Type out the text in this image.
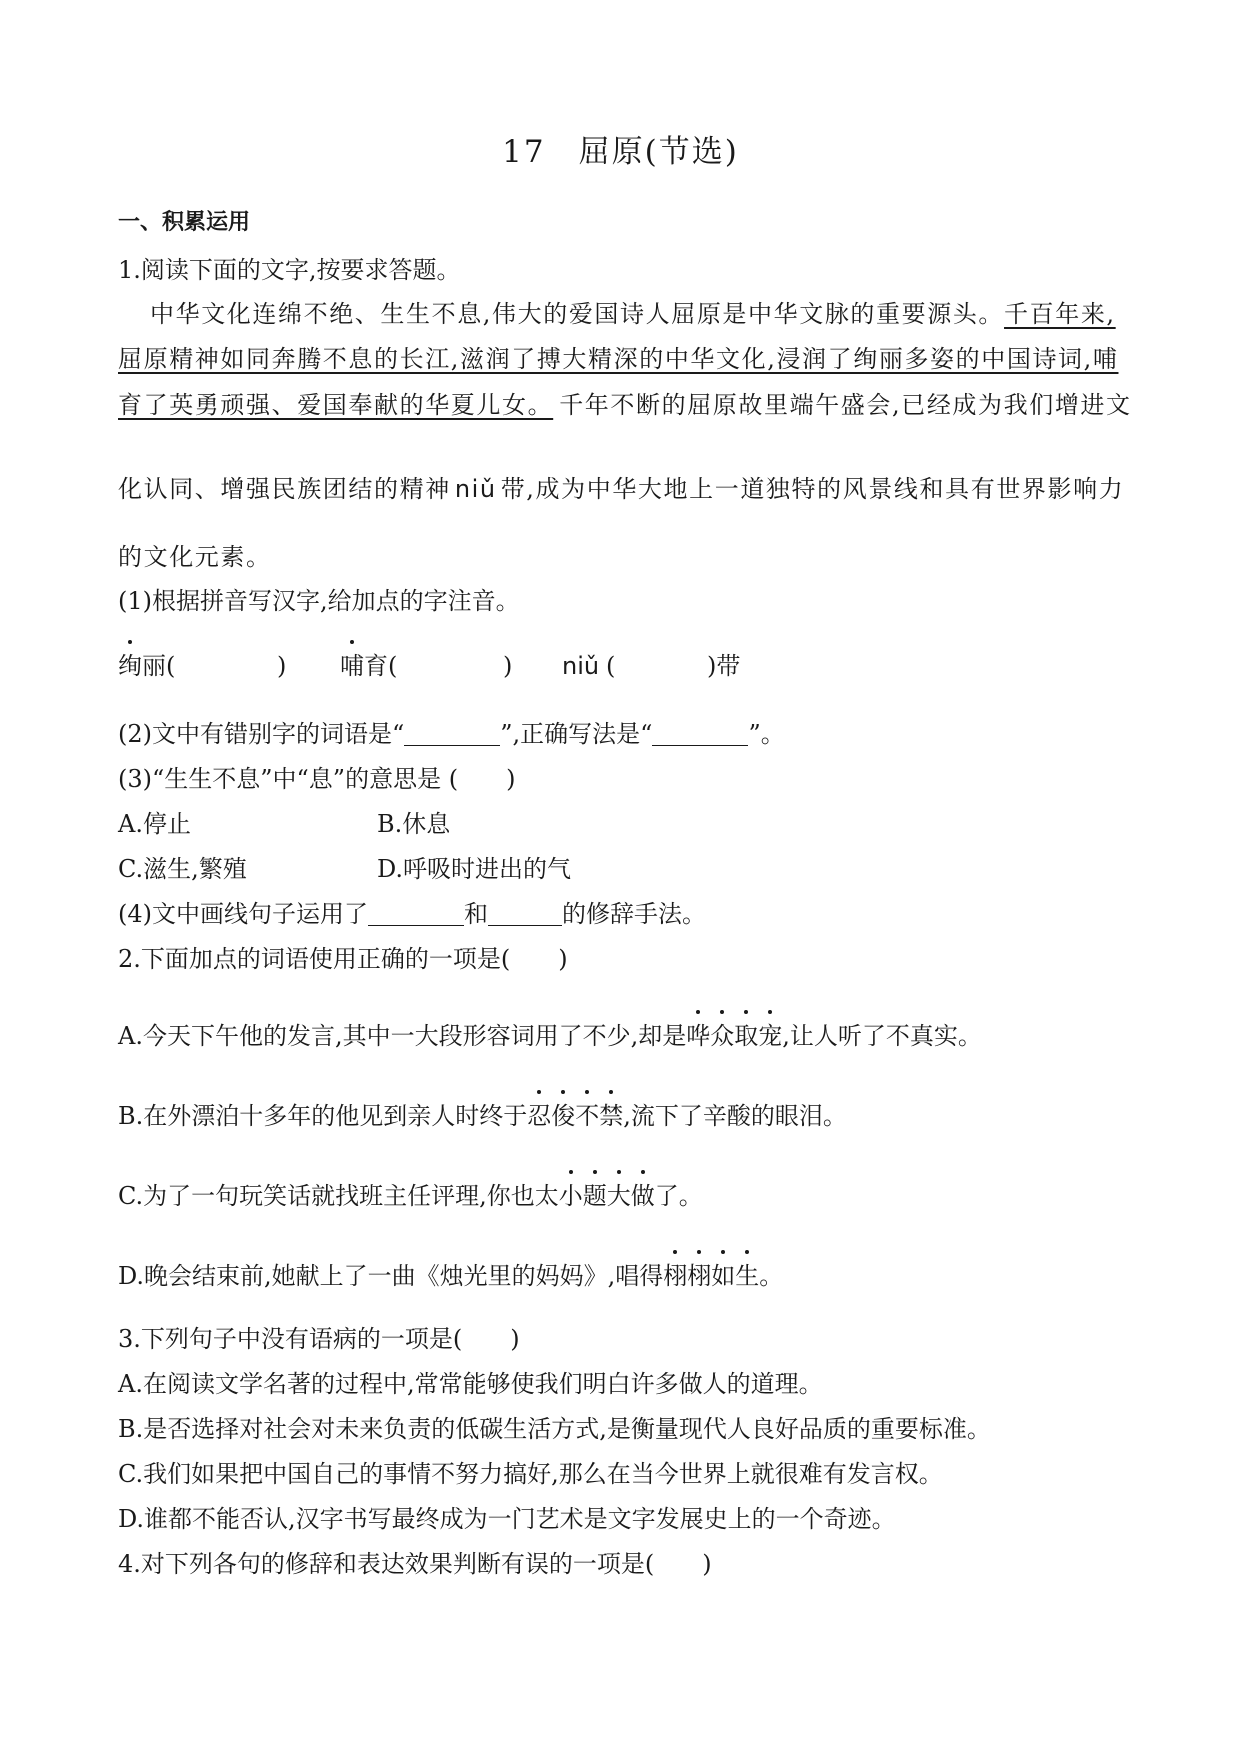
17　屈原(节选)
一、积累运用
1.阅读下面的文字,按要求答题。
中华文化连绵不绝、生生不息,伟大的爱国诗人屈原是中华文脉的重要源头。千百年来,
屈原精神如同奔腾不息的长江,滋润了搏大精深的中华文化,浸润了绚丽多姿的中国诗词,哺
育了英勇顽强、爱国奉献的华夏儿女。 千年不断的屈原故里端午盛会,已经成为我们增进文
化认同、增强民族团结的精神 niǔ 带,成为中华大地上一道独特的风景线和具有世界影响力
的文化元素。
(1)根据拼音写汉字,给加点的字注音。
绚丽(	) 哺育(	) niǔ (	)带
(2)文中有错别字的词语是“	”,正确写法是“	”。
(3)“生生不息”中“息”的意思是 (　　)
A.停止	B.休息
C.滋生,繁殖	D.呼吸时进出的气
(4)文中画线句子运用了	和	的修辞手法。
2.下面加点的词语使用正确的一项是(　　)
A.今天下午他的发言,其中一大段形容词用了不少,却是哗众取宠,让人听了不真实。
B.在外漂泊十多年的他见到亲人时终于忍俊不禁,流下了辛酸的眼泪。
C.为了一句玩笑话就找班主任评理,你也太小题大做了。
D.晚会结束前,她献上了一曲《烛光里的妈妈》,唱得栩栩如生。
3.下列句子中没有语病的一项是(　　)
A.在阅读文学名著的过程中,常常能够使我们明白许多做人的道理。
B.是否选择对社会对未来负责的低碳生活方式,是衡量现代人良好品质的重要标准。
C.我们如果把中国自己的事情不努力搞好,那么在当今世界上就很难有发言权。
D.谁都不能否认,汉字书写最终成为一门艺术是文字发展史上的一个奇迹。
4.对下列各句的修辞和表达效果判断有误的一项是(　　)
